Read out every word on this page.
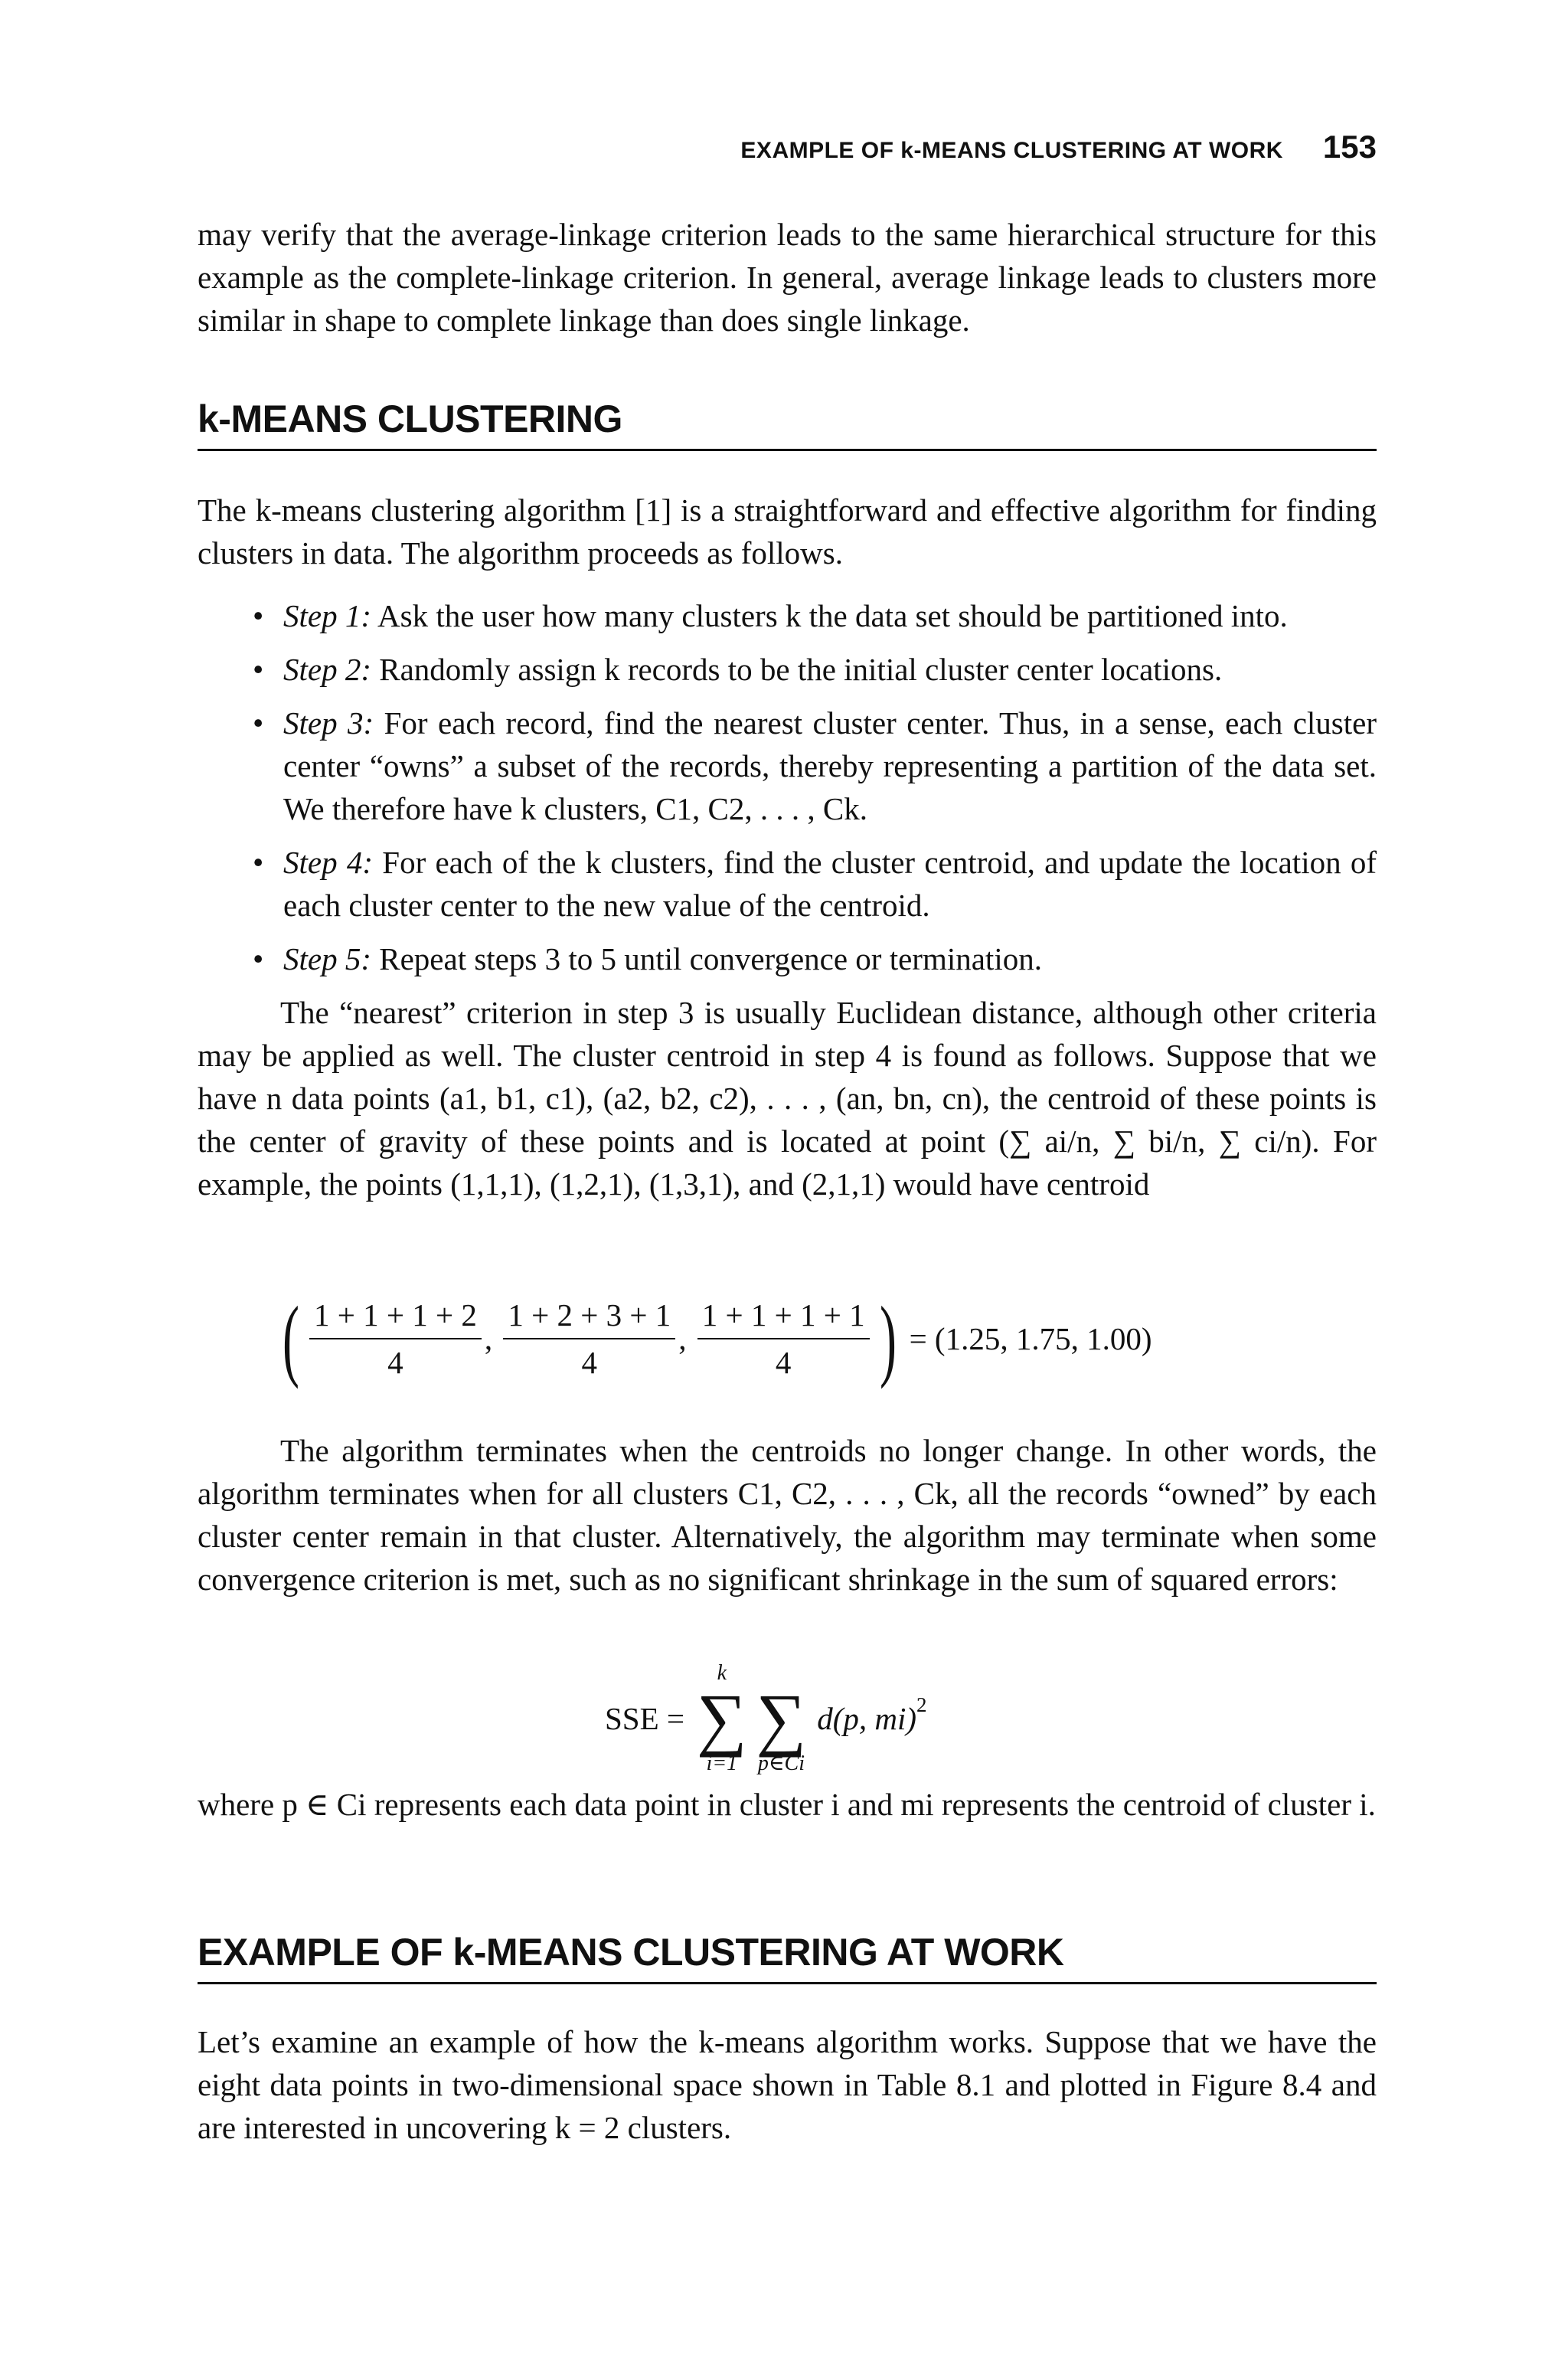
EXAMPLE OF k-MEANS CLUSTERING AT WORK 153

may verify that the average-linkage criterion leads to the same hierarchical structure for this example as the complete-linkage criterion. In general, average linkage leads to clusters more similar in shape to complete linkage than does single linkage.

k-MEANS CLUSTERING

The k-means clustering algorithm [1] is a straightforward and effective algorithm for finding clusters in data. The algorithm proceeds as follows.

• Step 1: Ask the user how many clusters k the data set should be partitioned into.
• Step 2: Randomly assign k records to be the initial cluster center locations.
• Step 3: For each record, find the nearest cluster center. Thus, in a sense, each cluster center “owns” a subset of the records, thereby representing a partition of the data set. We therefore have k clusters, C1, C2, . . . , Ck.
• Step 4: For each of the k clusters, find the cluster centroid, and update the location of each cluster center to the new value of the centroid.
• Step 5: Repeat steps 3 to 5 until convergence or termination.

The “nearest” criterion in step 3 is usually Euclidean distance, although other criteria may be applied as well. The cluster centroid in step 4 is found as follows. Suppose that we have n data points (a1, b1, c1), (a2, b2, c2), . . . , (an, bn, cn), the centroid of these points is the center of gravity of these points and is located at point (∑ ai/n, ∑ bi/n, ∑ ci/n). For example, the points (1,1,1), (1,2,1), (1,3,1), and (2,1,1) would have centroid

( $\frac{1 + 1 + 1 + 2}{4}$ , $\frac{1 + 2 + 3 + 1}{4}$ , $\frac{1 + 1 + 1 + 1}{4}$ ) = (1.25, 1.75, 1.00)

The algorithm terminates when the centroids no longer change. In other words, the algorithm terminates when for all clusters C1, C2, . . . , Ck, all the records “owned” by each cluster center remain in that cluster. Alternatively, the algorithm may terminate when some convergence criterion is met, such as no significant shrinkage in the sum of squared errors:

SSE =
k
∑
i=1

∑
p∈Ci
d(p, mi)$^2$

where p ∈ Ci represents each data point in cluster i and mi represents the centroid of cluster i.

EXAMPLE OF k-MEANS CLUSTERING AT WORK

Let’s examine an example of how the k-means algorithm works. Suppose that we have the eight data points in two-dimensional space shown in Table 8.1 and plotted in Figure 8.4 and are interested in uncovering k = 2 clusters.
